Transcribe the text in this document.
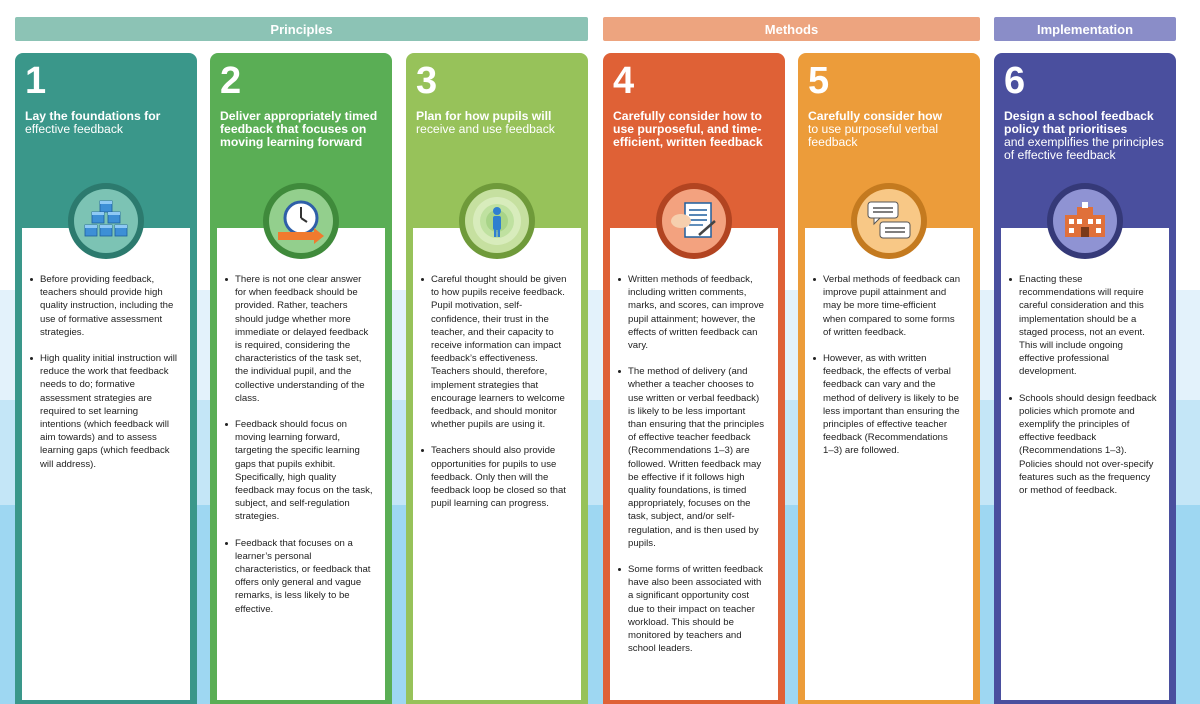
Principles	Methods	Implementation
1
Lay the foundations for
effective feedback
Before providing feedback, teachers should provide high quality instruction, including the use of formative assessment strategies.
High quality initial instruction will reduce the work that feedback needs to do; formative assessment strategies are required to set learning intentions (which feedback will aim towards) and to assess learning gaps (which feedback will address).
2
Deliver appropriately timed feedback that focuses on moving learning forward
There is not one clear answer for when feedback should be provided. Rather, teachers should judge whether more immediate or delayed feedback is required, considering the characteristics of the task set, the individual pupil, and the collective understanding of the class.
Feedback should focus on moving learning forward, targeting the specific learning gaps that pupils exhibit. Specifically, high quality feedback may focus on the task, subject, and self-regulation strategies.
Feedback that focuses on a learner’s personal characteristics, or feedback that offers only general and vague remarks, is less likely to be effective.
3
Plan for how pupils will
receive and use feedback
Careful thought should be given to how pupils receive feedback. Pupil motivation, self-confidence, their trust in the teacher, and their capacity to receive information can impact feedback’s effectiveness. Teachers should, therefore, implement strategies that encourage learners to welcome feedback, and should monitor whether pupils are using it.
Teachers should also provide opportunities for pupils to use feedback. Only then will the feedback loop be closed so that pupil learning can progress.
4
Carefully consider how to use purposeful, and time-efficient, written feedback
Written methods of feedback, including written comments, marks, and scores, can improve pupil attainment; however, the effects of written feedback can vary.
The method of delivery (and whether a teacher chooses to use written or verbal feedback) is likely to be less important than ensuring that the principles of effective teacher feedback (Recommendations 1–3) are followed. Written feedback may be effective if it follows high quality foundations, is timed appropriately, focuses on the task, subject, and/or self-regulation, and is then used by pupils.
Some forms of written feedback have also been associated with a significant opportunity cost due to their impact on teacher workload. This should be monitored by teachers and school leaders.
5
Carefully consider how
to use purposeful verbal feedback
Verbal methods of feedback can improve pupil attainment and may be more time-efficient when compared to some forms of written feedback.
However, as with written feedback, the effects of verbal feedback can vary and the method of delivery is likely to be less important than ensuring the principles of effective teacher feedback (Recommendations 1–3) are followed.
6
Design a school feedback policy that prioritises
and exemplifies the principles of effective feedback
Enacting these recommendations will require careful consideration and this implementation should be a staged process, not an event. This will include ongoing effective professional development.
Schools should design feedback policies which promote and exemplify the principles of effective feedback (Recommendations 1–3). Policies should not over-specify features such as the frequency or method of feedback.
